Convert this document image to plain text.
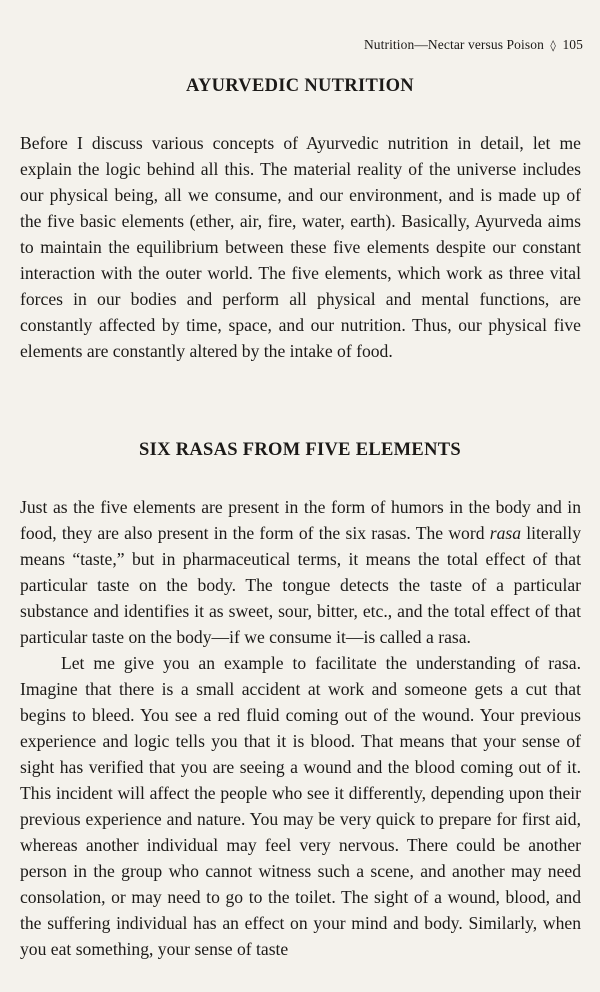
Nutrition—Nectar versus Poison ◊ 105
AYURVEDIC NUTRITION

Before I discuss various concepts of Ayurvedic nutrition in detail, let me explain the logic behind all this. The material reality of the universe includes our physical being, all we consume, and our environment, and is made up of the five basic elements (ether, air, fire, water, earth). Basically, Ayurveda aims to maintain the equilibrium between these five elements despite our constant interaction with the outer world. The five elements, which work as three vital forces in our bodies and perform all physical and mental functions, are constantly affected by time, space, and our nutrition. Thus, our physical five elements are constantly altered by the intake of food.

SIX RASAS FROM FIVE ELEMENTS

Just as the five elements are present in the form of humors in the body and in food, they are also present in the form of the six rasas. The word rasa literally means “taste,” but in pharmaceutical terms, it means the total effect of that particular taste on the body. The tongue detects the taste of a particular substance and identifies it as sweet, sour, bitter, etc., and the total effect of that particular taste on the body—if we consume it—is called a rasa.

Let me give you an example to facilitate the understanding of rasa. Imagine that there is a small accident at work and someone gets a cut that begins to bleed. You see a red fluid coming out of the wound. Your previous experience and logic tells you that it is blood. That means that your sense of sight has verified that you are seeing a wound and the blood coming out of it. This incident will affect the people who see it differently, depending upon their previous experience and nature. You may be very quick to prepare for first aid, whereas another individual may feel very nervous. There could be another person in the group who cannot witness such a scene, and another may need consolation, or may need to go to the toilet. The sight of a wound, blood, and the suffering individual has an effect on your mind and body. Similarly, when you eat something, your sense of taste
